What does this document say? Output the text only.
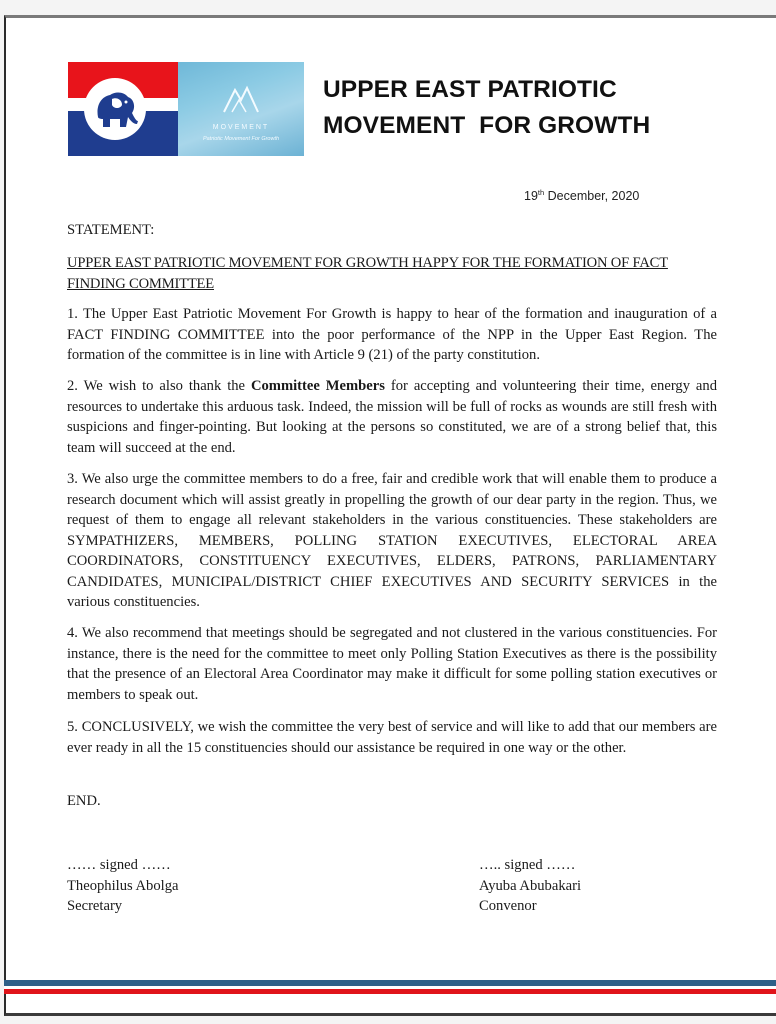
MOVEMENT
Patriotic Movement For Growth
UPPER EAST PATRIOTIC
MOVEMENT  FOR GROWTH
19th December, 2020
STATEMENT:
UPPER EAST PATRIOTIC MOVEMENT FOR GROWTH HAPPY FOR THE FORMATION OF FACT FINDING COMMITTEE
1. The Upper East Patriotic Movement For Growth is happy to hear of the formation and inauguration of a FACT FINDING COMMITTEE into the poor performance of the NPP in the Upper East Region. The formation of the committee is in line with Article 9 (21) of the party constitution.
2. We wish to also thank the Committee Members for accepting and volunteering their time, energy and resources to undertake this arduous task. Indeed, the mission will be full of rocks as wounds are still fresh with suspicions and finger-pointing. But looking at the persons so constituted, we are of a strong belief that, this team will succeed at the end.
3. We also urge the committee members to do a free, fair and credible work that will enable them to produce a research document which will assist greatly in propelling the growth of our dear party in the region. Thus, we request of them to engage all relevant stakeholders in the various constituencies. These stakeholders are SYMPATHIZERS, MEMBERS, POLLING STATION EXECUTIVES, ELECTORAL AREA COORDINATORS, CONSTITUENCY EXECUTIVES, ELDERS, PATRONS, PARLIAMENTARY CANDIDATES, MUNICIPAL/DISTRICT CHIEF EXECUTIVES AND SECURITY SERVICES in the various constituencies.
4. We also recommend that meetings should be segregated and not clustered in the various constituencies. For instance, there is the need for the committee to meet only Polling Station Executives as there is the possibility that the presence of an Electoral Area Coordinator may make it difficult for some polling station executives or members to speak out.
5. CONCLUSIVELY, we wish the committee the very best of service and will like to add that our members are ever ready in all the 15 constituencies should our assistance be required in one way or the other.
END.
…… signed ……
Theophilus Abolga
Secretary
….. signed ……
Ayuba Abubakari
Convenor
